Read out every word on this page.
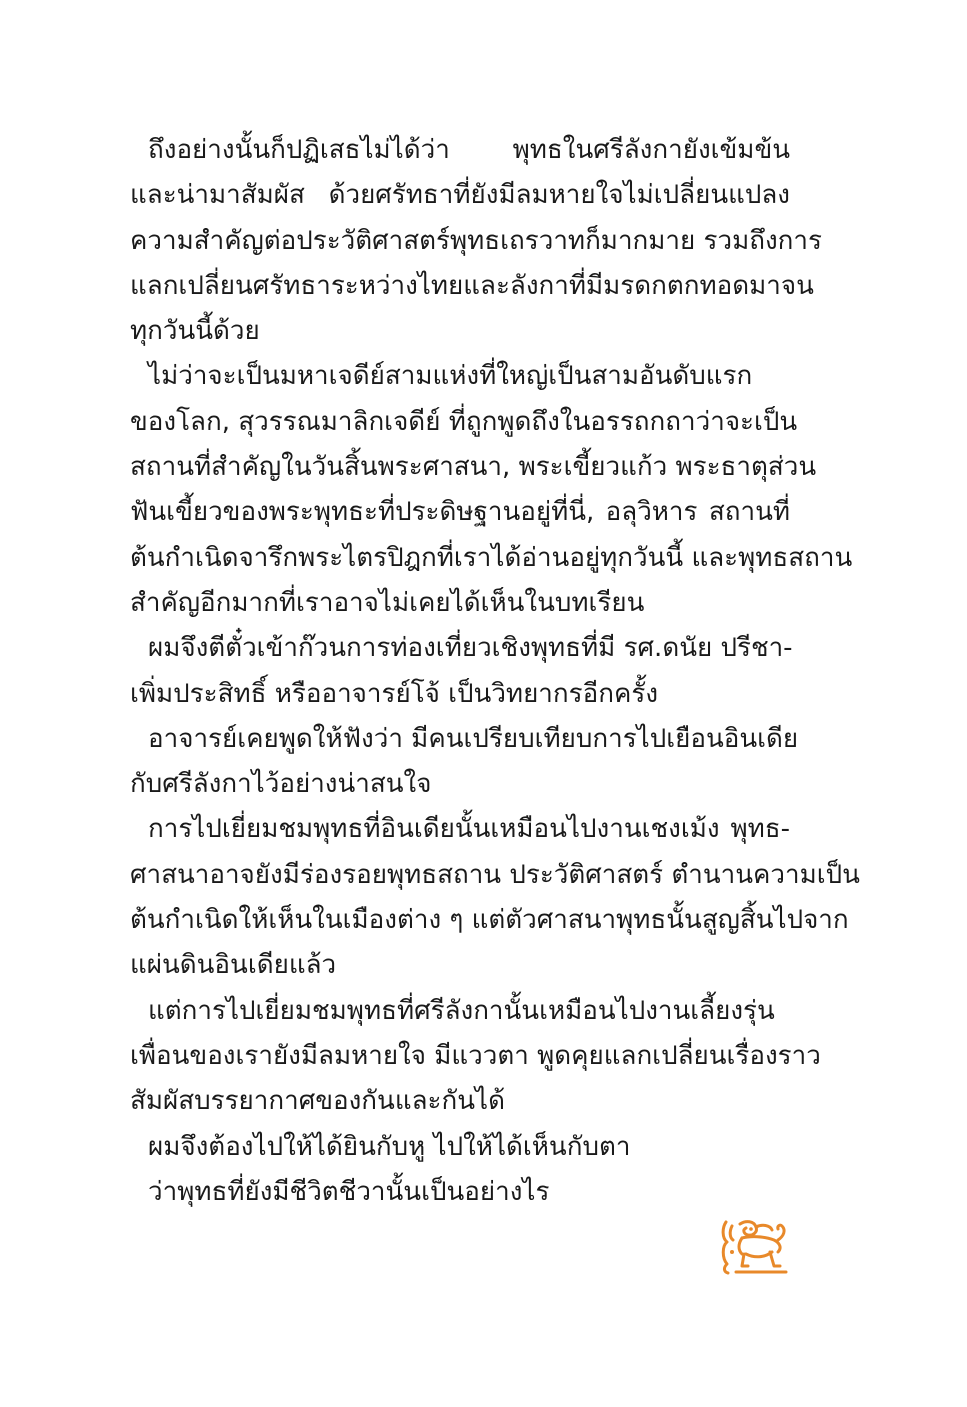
ถึงอย่างนั้นก็ปฏิเสธไม่ได้ว่า พุทธในศรีลังกายังเข้มข้น
และน่ามาสัมผัส ด้วยศรัทธาที่ยังมีลมหายใจไม่เปลี่ยนแปลง
ความสำคัญต่อประวัติศาสตร์พุทธเถรวาทก็มากมาย รวมถึงการ
แลกเปลี่ยนศรัทธาระหว่างไทยและลังกาที่มีมรดกตกทอดมาจน
ทุกวันนี้ด้วย
ไม่ว่าจะเป็นมหาเจดีย์สามแห่งที่ใหญ่เป็นสามอันดับแรก
ของโลก, สุวรรณมาลิกเจดีย์ ที่ถูกพูดถึงในอรรถกถาว่าจะเป็น
สถานที่สำคัญในวันสิ้นพระศาสนา, พระเขี้ยวแก้ว พระธาตุส่วน
ฟันเขี้ยวของพระพุทธะที่ประดิษฐานอยู่ที่นี่, อลุวิหาร สถานที่
ต้นกำเนิดจารึกพระไตรปิฎกที่เราได้อ่านอยู่ทุกวันนี้ และพุทธสถาน
สำคัญอีกมากที่เราอาจไม่เคยได้เห็นในบทเรียน
ผมจึงตีตั๋วเข้าก๊วนการท่องเที่ยวเชิงพุทธที่มี รศ.ดนัย ปรีชา-
เพิ่มประสิทธิ์ หรืออาจารย์โจ้ เป็นวิทยากรอีกครั้ง
อาจารย์เคยพูดให้ฟังว่า มีคนเปรียบเทียบการไปเยือนอินเดีย
กับศรีลังกาไว้อย่างน่าสนใจ
การไปเยี่ยมชมพุทธที่อินเดียนั้นเหมือนไปงานเชงเม้ง พุทธ-
ศาสนาอาจยังมีร่องรอยพุทธสถาน ประวัติศาสตร์ ตำนานความเป็น
ต้นกำเนิดให้เห็นในเมืองต่าง ๆ แต่ตัวศาสนาพุทธนั้นสูญสิ้นไปจาก
แผ่นดินอินเดียแล้ว
แต่การไปเยี่ยมชมพุทธที่ศรีลังกานั้นเหมือนไปงานเลี้ยงรุ่น
เพื่อนของเรายังมีลมหายใจ มีแววตา พูดคุยแลกเปลี่ยนเรื่องราว
สัมผัสบรรยากาศของกันและกันได้
ผมจึงต้องไปให้ได้ยินกับหู ไปให้ได้เห็นกับตา
ว่าพุทธที่ยังมีชีวิตชีวานั้นเป็นอย่างไร
